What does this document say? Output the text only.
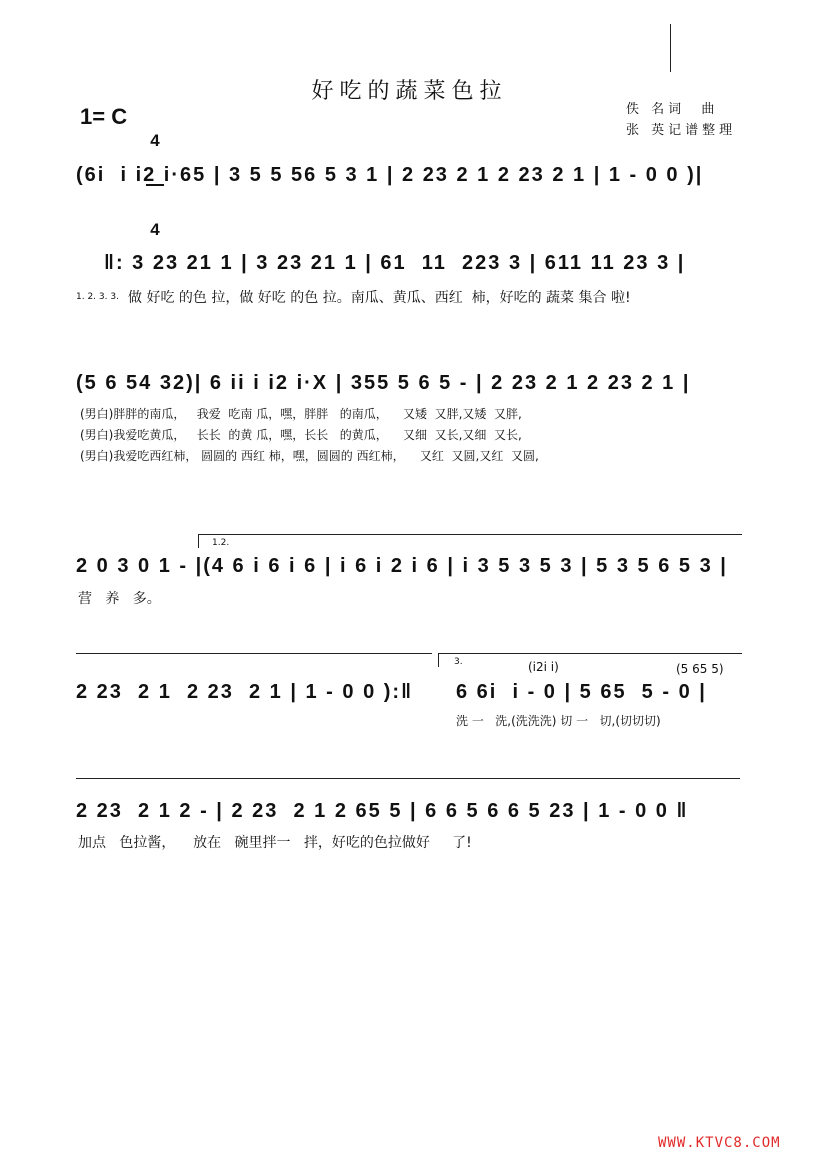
好吃的蔬菜色拉
1= C

4

4

佚 名词  曲
张 英记谱整理
(6i  i i2 i·65 | 3 5 5 56 5 3 1 | 2 23 2 1 2 23 2 1 | 1 - 0 0 )|
‖: 3 23 21 1 | 3 23 21 1 | 61  11  223 3 | 611 11 23 3 |
1. 2. 3. 3. 做 好吃 的色 拉，做 好吃 的色 拉。南瓜、黄瓜、西红  柿，好吃的 蔬菜 集合 啦!
(5 6 54 32)| 6 ii i i2 i·X | 355 5 6 5 - | 2 23 2 1 2 23 2 1 |
(男白)胖胖的南瓜，   我爱  吃南 瓜，嘿，胖胖   的南瓜，    又矮  又胖,又矮  又胖,
(男白)我爱吃黄瓜，   长长  的黄 瓜，嘿，长长   的黄瓜，    又细  又长,又细  又长,
(男白)我爱吃西红柿， 圆圆的 西红 柿，嘿，圆圆的 西红柿，    又红  又圆,又红  又圆,
1.2.
2 0 3 0 1 - |(4 6 i 6 i 6 | i 6 i 2 i 6 | i 3 5 3 5 3 | 5 3 5 6 5 3 |
营   养   多。
3.	(i2i i)	(5 65 5)
2 23  2 1  2 23  2 1 | 1 - 0 0 ):‖ 6 6i  i - 0 | 5 65  5 - 0 |
洗 一   洗,(洗洗洗) 切 一   切,(切切切)
2 23  2 1 2 - | 2 23  2 1 2 65 5 | 6 6 5 6 6 5 23 | 1 - 0 0 ‖
加点   色拉酱，    放在   碗里拌一   拌，好吃的色拉做好     了!
WWW.KTVC8.COM
